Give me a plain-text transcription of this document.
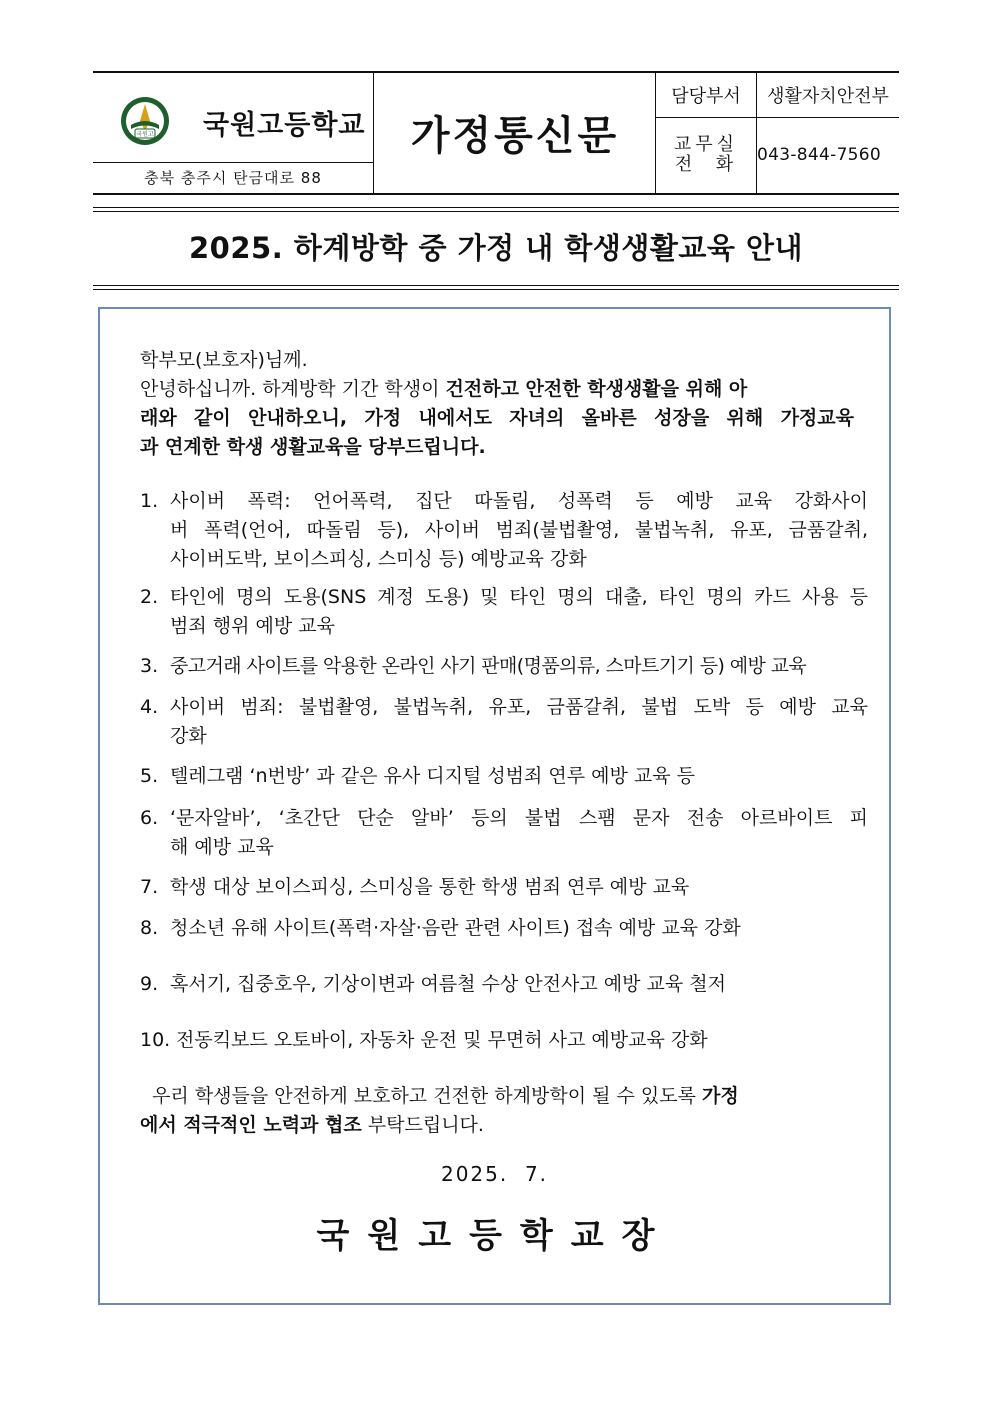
국원고 국원고등학교
충북 충주시 탄금대로 88
가정통신문
담당부서	생활자치안전부
교무실
전  화 043-844-7560
2025. 하계방학 중 가정 내 학생생활교육 안내
학부모(보호자)님께.
안녕하십니까. 하계방학 기간 학생이 건전하고 안전한 학생생활을 위해 아
래와 같이 안내하오니, 가정 내에서도 자녀의 올바른 성장을 위해 가정교육
과 연계한 학생 생활교육을 당부드립니다.
1. 사이버 폭력: 언어폭력, 집단 따돌림, 성폭력 등 예방 교육 강화사이
버 폭력(언어, 따돌림 등), 사이버 범죄(불법촬영, 불법녹취, 유포, 금품갈취,
사이버도박, 보이스피싱, 스미싱 등) 예방교육 강화
2. 타인에 명의 도용(SNS 계정 도용) 및 타인 명의 대출, 타인 명의 카드 사용 등
범죄 행위 예방 교육
3. 중고거래 사이트를 악용한 온라인 사기 판매(명품의류, 스마트기기 등) 예방 교육
4. 사이버 범죄: 불법촬영, 불법녹취, 유포, 금품갈취, 불법 도박 등 예방 교육
강화
5. 텔레그램 ‘n번방’ 과 같은 유사 디지털 성범죄 연루 예방 교육 등
6. ‘문자알바’, ‘초간단 단순 알바’ 등의 불법 스팸 문자 전송 아르바이트 피
해 예방 교육
7. 학생 대상 보이스피싱, 스미싱을 통한 학생 범죄 연루 예방 교육
8. 청소년 유해 사이트(폭력·자살·음란 관련 사이트) 접속 예방 교육 강화
9. 혹서기, 집중호우, 기상이변과 여름철 수상 안전사고 예방 교육 철저
10. 전동킥보드 오토바이, 자동차 운전 및 무면허 사고 예방교육 강화
우리 학생들을 안전하게 보호하고 건전한 하계방학이 될 수 있도록 가정
에서 적극적인 노력과 협조 부탁드립니다.
2025.  7.
국원고등학교장
